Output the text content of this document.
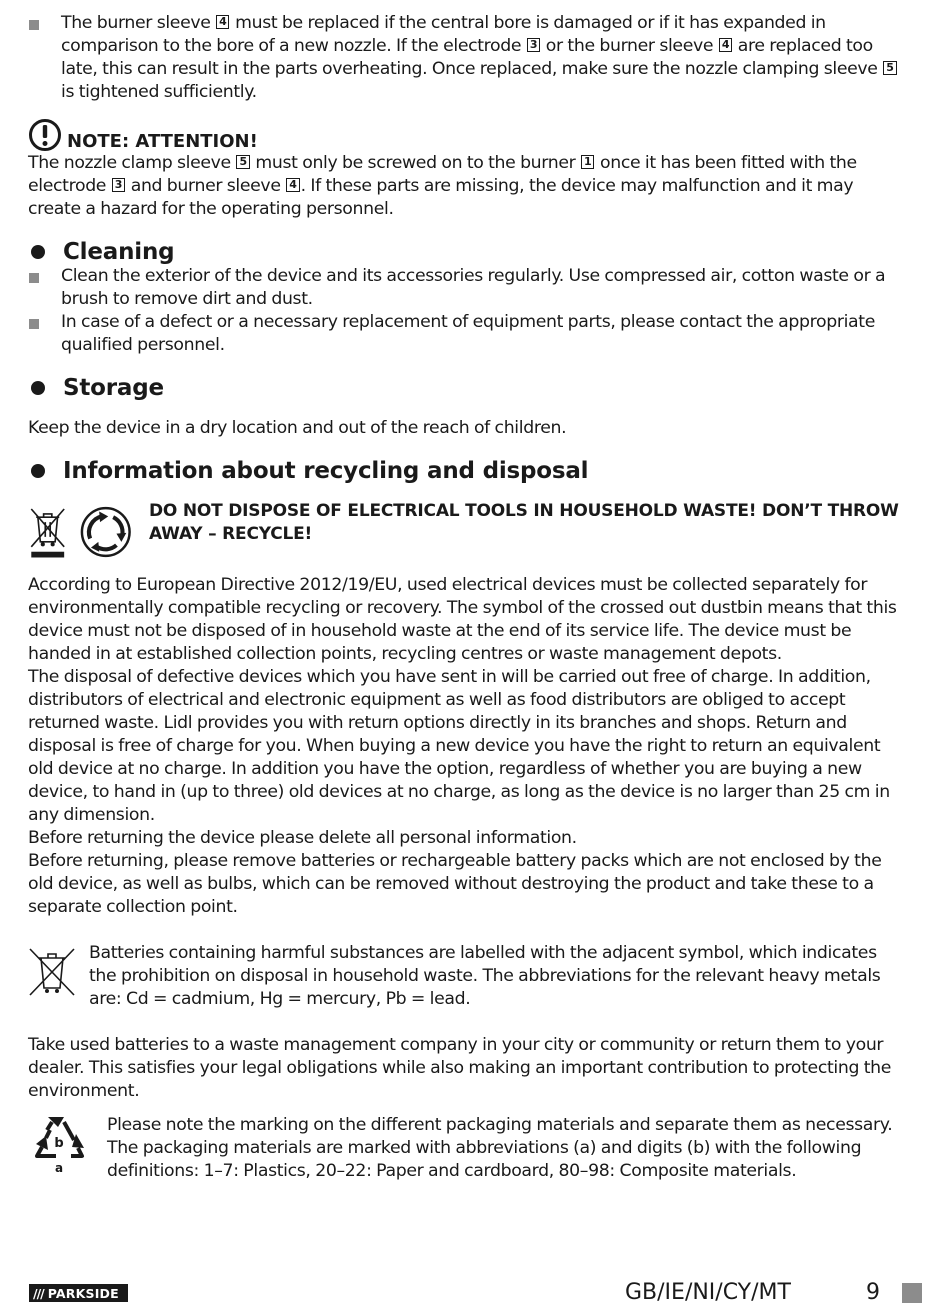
The burner sleeve 4 must be replaced if the central bore is damaged or if it has expanded in comparison to the bore of a new nozzle. If the electrode 3 or the burner sleeve 4 are replaced too late, this can result in the parts overheating. Once replaced, make sure the nozzle clamping sleeve 5 is tightened sufficiently.
NOTE: ATTENTION!

The nozzle clamp sleeve 5 must only be screwed on to the burner 1 once it has been fitted with the electrode 3 and burner sleeve 4 . If these parts are missing, the device may malfunction and it may create a hazard for the operating personnel.

Cleaning
Clean the exterior of the device and its accessories regularly. Use compressed air, cotton waste or a brush to remove dirt and dust.
In case of a defect or a necessary replacement of equipment parts, please contact the appropriate qualified personnel.
Storage

Keep the device in a dry location and out of the reach of children.

Information about recycling and disposal
DO NOT DISPOSE OF ELECTRICAL TOOLS IN HOUSEHOLD WASTE! DON’T THROW AWAY – RECYCLE!

According to European Directive 2012/19/EU, used electrical devices must be collected separately for environmentally compatible recycling or recovery. The symbol of the crossed out dustbin means that this device must not be disposed of in household waste at the end of its service life. The device must be handed in at established collection points, recycling centres or waste management depots.

The disposal of defective devices which you have sent in will be carried out free of charge. In addition, distributors of electrical and electronic equipment as well as food distributors are obliged to accept returned waste. Lidl provides you with return options directly in its branches and shops. Return and disposal is free of charge for you. When buying a new device you have the right to return an equivalent old device at no charge. In addition you have the option, regardless of whether you are buying a new device, to hand in (up to three) old devices at no charge, as long as the device is no larger than 25 cm in any dimension.

Before returning the device please delete all personal information.

Before returning, please remove batteries or rechargeable battery packs which are not enclosed by the old device, as well as bulbs, which can be removed without destroying the product and take these to a separate collection point.

Batteries containing harmful substances are labelled with the adjacent symbol, which indicates the prohibition on disposal in household waste. The abbreviations for the relevant heavy metals are: Cd = cadmium, Hg = mercury, Pb = lead.

Take used batteries to a waste management company in your city or community or return them to your dealer. This satisfies your legal obligations while also making an important contribution to protecting the environment.

b
a

Please note the marking on the different packaging materials and separate them as necessary. The packaging materials are marked with abbreviations (a) and digits (b) with the following definitions: 1–7: Plastics, 20–22: Paper and cardboard, 80–98: Composite materials.

/// PARKSIDE	GB/IE/NI/CY/MT	9
